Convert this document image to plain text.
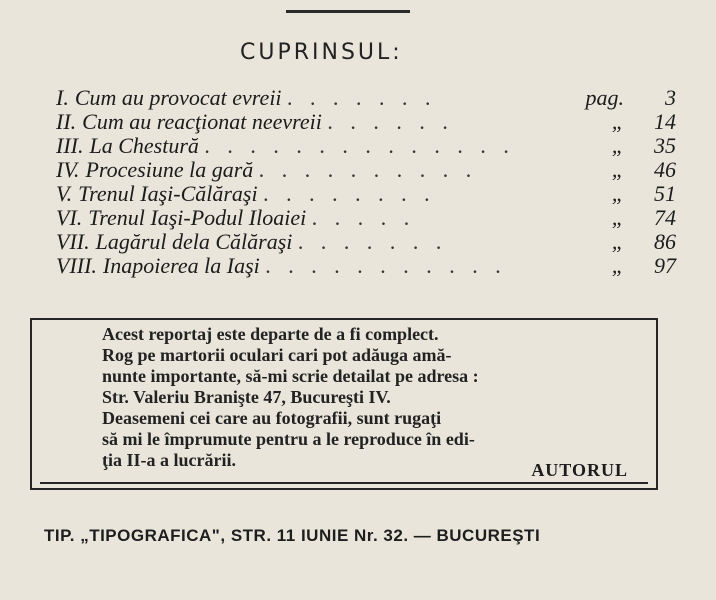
CUPRINSUL:
I. Cum au provocat evreii . . . . . . .	pag.	3
II. Cum au reacţionat neevreii . . . . . .	„	14
III. La Chestură . . . . . . . . . . . . . .	„	35
IV. Procesiune la gară . . . . . . . . . .	„	46
V. Trenul Iaşi-Călăraşi . . . . . . . .	„	51
VI. Trenul Iaşi-Podul Iloaiei . . . . .	„	74
VII. Lagărul dela Călăraşi . . . . . . .	„	86
VIII. Inapoierea la Iaşi . . . . . . . . . . .	„	97

Acest reportaj este departe de a fi complect.

Rog pe martorii oculari cari pot adăuga amă-

nunte importante, să-mi scrie detailat pe adresa :

Str. Valeriu Branişte 47, Bucureşti IV.

Deasemeni cei care au fotografii, sunt rugaţi

să mi le împrumute pentru a le reproduce în edi-

ţia II-a a lucrării.	AUTORUL
TIP. „TIPOGRAFICA", STR. 11 IUNIE Nr. 32. — BUCUREŞTI
